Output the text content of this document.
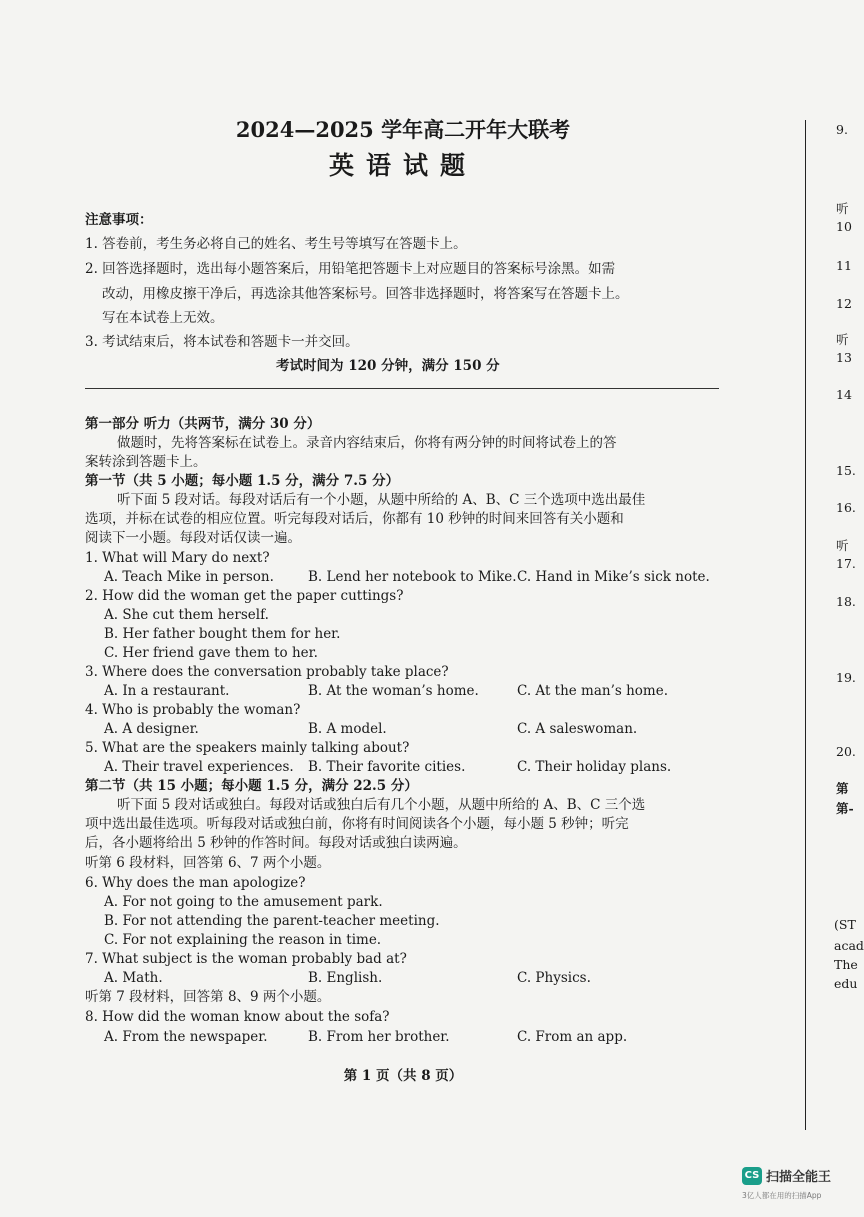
2024—2025 学年高二开年大联考
英语试题
注意事项：
1. 答卷前，考生务必将自己的姓名、考生号等填写在答题卡上。
2. 回答选择题时，选出每小题答案后，用铅笔把答题卡上对应题目的答案标号涂黑。如需
改动，用橡皮擦干净后，再选涂其他答案标号。回答非选择题时，将答案写在答题卡上。
写在本试卷上无效。
3. 考试结束后，将本试卷和答题卡一并交回。
考试时间为 120 分钟，满分 150 分
第一部分 听力（共两节，满分 30 分）
做题时，先将答案标在试卷上。录音内容结束后，你将有两分钟的时间将试卷上的答
案转涂到答题卡上。
第一节（共 5 小题；每小题 1.5 分，满分 7.5 分）
听下面 5 段对话。每段对话后有一个小题，从题中所给的 A、B、C 三个选项中选出最佳
选项，并标在试卷的相应位置。听完每段对话后，你都有 10 秒钟的时间来回答有关小题和
阅读下一小题。每段对话仅读一遍。
1. What will Mary do next?
A. Teach Mike in person.	B. Lend her notebook to Mike. C. Hand in Mike’s sick note.
2. How did the woman get the paper cuttings?
A. She cut them herself.
B. Her father bought them for her.
C. Her friend gave them to her.
3. Where does the conversation probably take place?
A. In a restaurant.	B. At the woman’s home.	C. At the man’s home.
4. Who is probably the woman?
A. A designer.	B. A model.	C. A saleswoman.
5. What are the speakers mainly talking about?
A. Their travel experiences. B. Their favorite cities.	C. Their holiday plans.
第二节（共 15 小题；每小题 1.5 分，满分 22.5 分）
听下面 5 段对话或独白。每段对话或独白后有几个小题，从题中所给的 A、B、C 三个选
项中选出最佳选项。听每段对话或独白前，你将有时间阅读各个小题，每小题 5 秒钟；听完
后，各小题将给出 5 秒钟的作答时间。每段对话或独白读两遍。
听第 6 段材料，回答第 6、7 两个小题。
6. Why does the man apologize?
A. For not going to the amusement park.
B. For not attending the parent-teacher meeting.
C. For not explaining the reason in time.
7. What subject is the woman probably bad at?
A. Math.	B. English.	C. Physics.
听第 7 段材料，回答第 8、9 两个小题。
8. How did the woman know about the sofa?
A. From the newspaper.	B. From her brother.	C. From an app.
第 1 页（共 8 页）
9.
听
10
11
12
听
13
14
15.
16.
听
17.
18.
19.
20.
第
第-
(ST
acad
The
edu
CS 扫描全能王
3亿人都在用的扫描App
